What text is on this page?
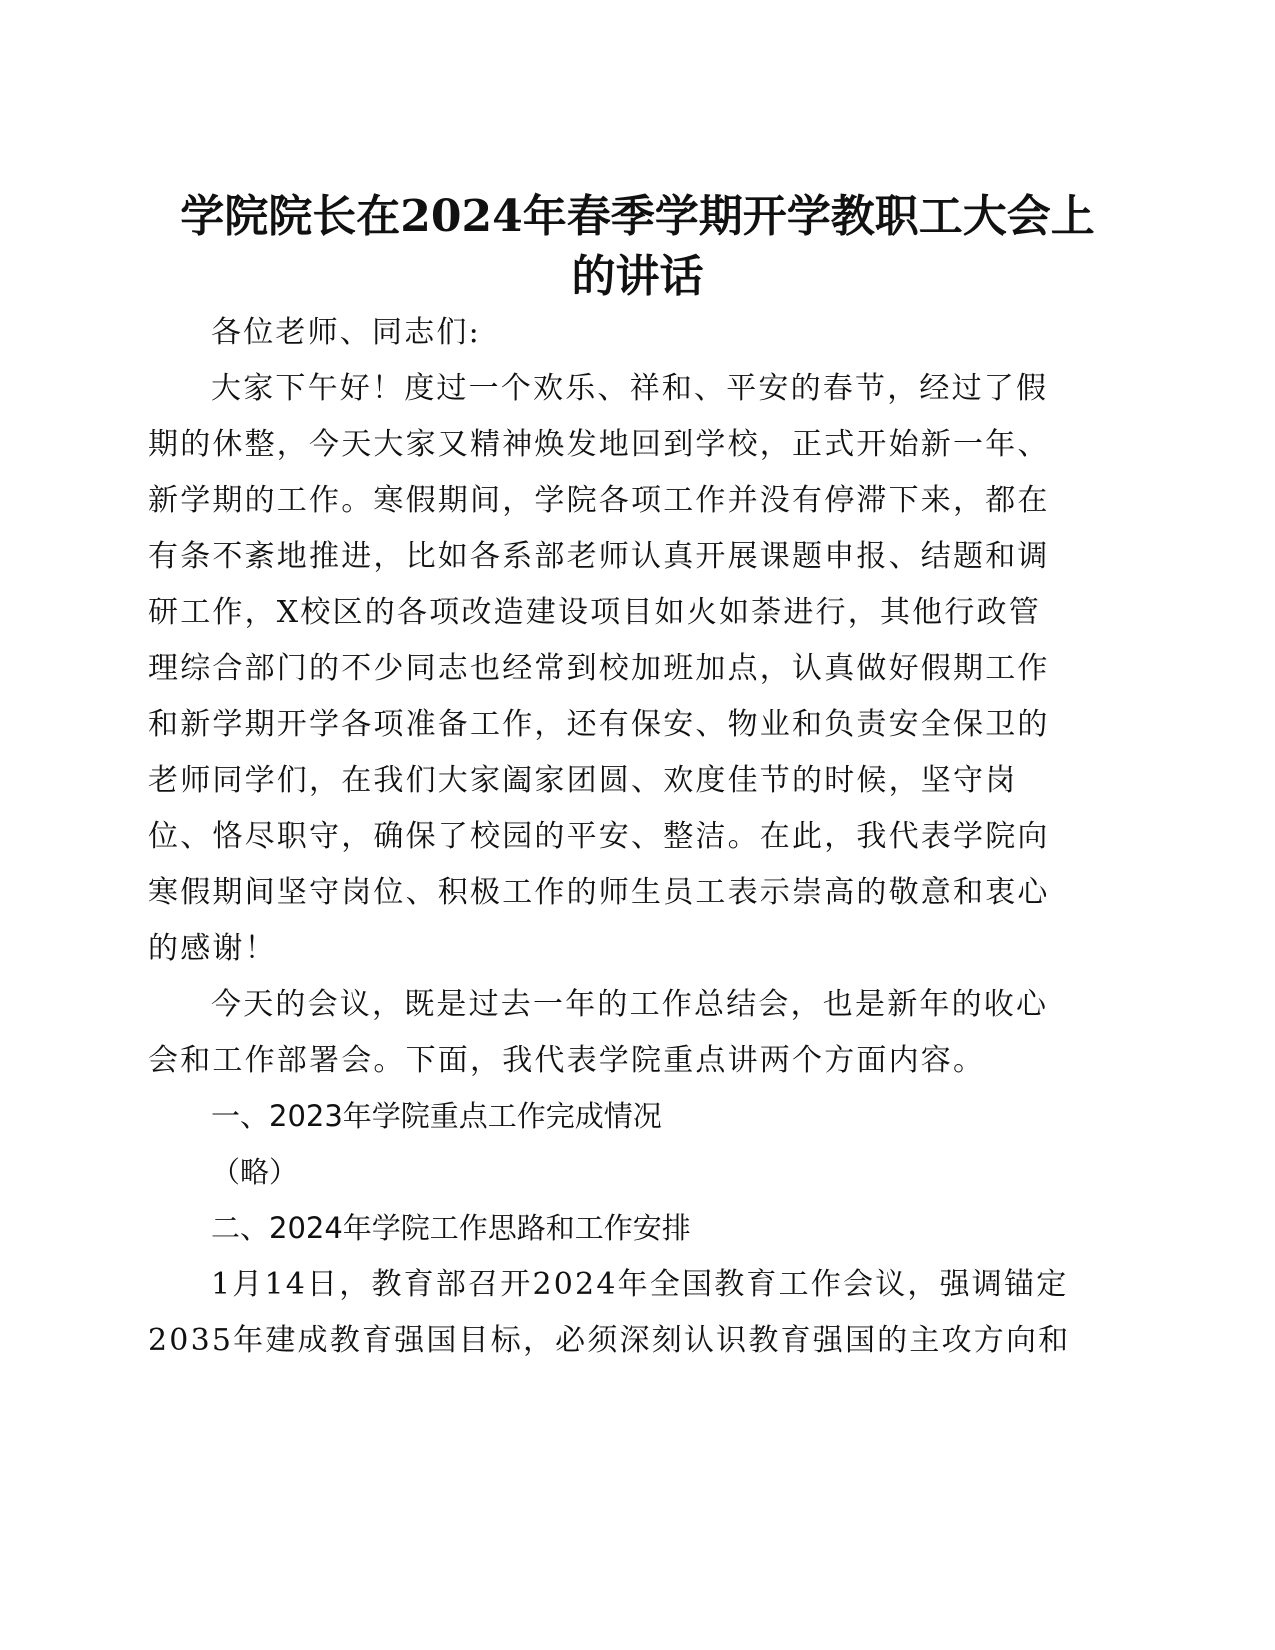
学院院长在2024年春季学期开学教职工大会上
的讲话
各位老师、同志们:
大家下午好！度过一个欢乐、祥和、平安的春节，经过了假
期的休整，今天大家又精神焕发地回到学校，正式开始新一年、
新学期的工作。寒假期间，学院各项工作并没有停滞下来，都在
有条不紊地推进，比如各系部老师认真开展课题申报、结题和调
研工作，X校区的各项改造建设项目如火如荼进行，其他行政管
理综合部门的不少同志也经常到校加班加点，认真做好假期工作
和新学期开学各项准备工作，还有保安、物业和负责安全保卫的
老师同学们，在我们大家阖家团圆、欢度佳节的时候，坚守岗
位、恪尽职守，确保了校园的平安、整洁。在此，我代表学院向
寒假期间坚守岗位、积极工作的师生员工表示崇高的敬意和衷心
的感谢！
今天的会议，既是过去一年的工作总结会，也是新年的收心
会和工作部署会。下面，我代表学院重点讲两个方面内容。
一、2023年学院重点工作完成情况
（略）
二、2024年学院工作思路和工作安排
1月14日，教育部召开2024年全国教育工作会议，强调锚定
2035年建成教育强国目标，必须深刻认识教育强国的主攻方向和
